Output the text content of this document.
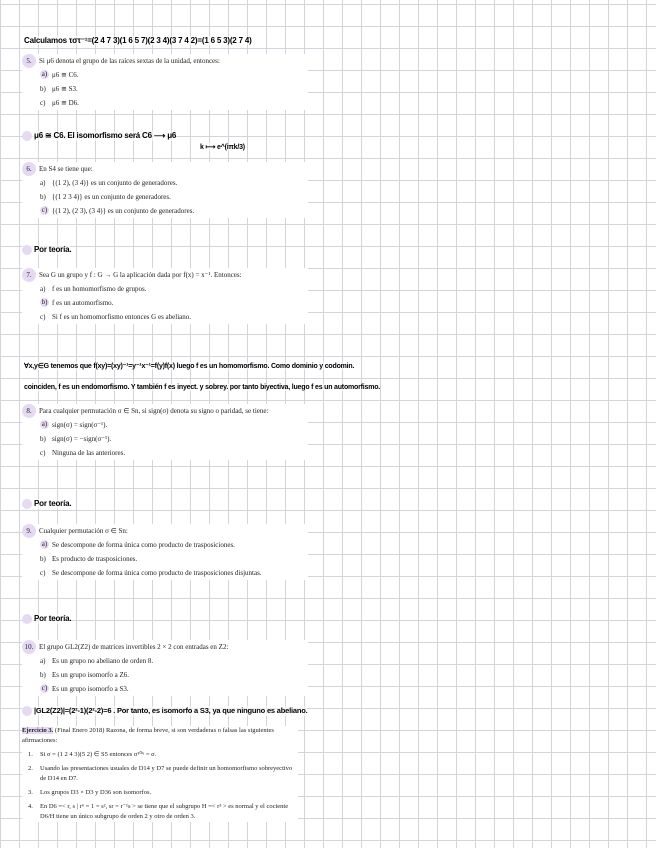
Calculamos τστ⁻¹=(2 4 7 3)(1 6 5 7)(2 3 4)(3 7 4 2)=(1 6 5 3)(2 7 4)
5.	Si μ6 denota el grupo de las raíces sextas de la unidad, entonces:
a) μ6 ≅ C6.
b) μ6 ≅ S3.
c) μ6 ≅ D6.
μ6 ≅ C6. El isomorfismo será C6 ⟶ μ6
k ⟼ e^(iπk/3)
6.	En S4 se tiene que:
a) {(1 2), (3 4)} es un conjunto de generadores.
b) {(1 2 3 4)} es un conjunto de generadores.
c) {(1 2), (2 3), (3 4)} es un conjunto de generadores.
Por teoría.
7.	Sea G un grupo y f : G → G la aplicación dada por f(x) = x⁻¹. Entonces:
a) f es un homomorfismo de grupos.
b) f es un automorfismo.
c) Si f es un homomorfismo entonces G es abeliano.
∀x,y∈G tenemos que f(xy)=(xy)⁻¹=y⁻¹x⁻¹=f(y)f(x) luego f es un homomorfismo. Como dominio y codomin.
coinciden, f es un endomorfismo. Y también f es inyect. y sobrey. por tanto biyectiva, luego f es un automorfismo.
8.	Para cualquier permutación σ ∈ Sn, si sign(σ) denota su signo o paridad, se tiene:
a) sign(σ) = sign(σ⁻¹).
b) sign(σ) = −sign(σ⁻¹).
c) Ninguna de las anteriores.
Por teoría.
9.	Cualquier permutación σ ∈ Sn:
a) Se descompone de forma única como producto de trasposiciones.
b) Es producto de trasposiciones.
c) Se descompone de forma única como producto de trasposiciones disjuntas.
Por teoría.
10. El grupo GL2(Z2) de matrices invertibles 2 × 2 con entradas en Z2:
a) Es un grupo no abeliano de orden 8.
b) Es un grupo isomorfo a Z6.
c) Es un grupo isomorfo a S3.
|GL2(Z2)|=(2²-1)(2²-2)=6 . Por tanto, es isomorfo a S3, ya que ninguno es abeliano.
Ejercicio 3. (Final Enero 2018) Razona, de forma breve, si son verdaderas o falsas las siguientes afirmaciones:
1.	Si σ = (1 2 4 3)(5 2) ∈ S5 entonces σ¹⁰⁶ = σ.
2.	Usando las presentaciones usuales de D14 y D7 se puede definir un homomorfismo sobreyectivo de D14 en D7.
3.	Los grupos D3 × D3 y D36 son isomorfos.
4.	En D6 =< r, s | r⁶ = 1 = s², sr = r⁻¹s > se tiene que el subgrupo H =< r³ > es normal y el cociente D6/H tiene un único subgrupo de orden 2 y otro de orden 3.
